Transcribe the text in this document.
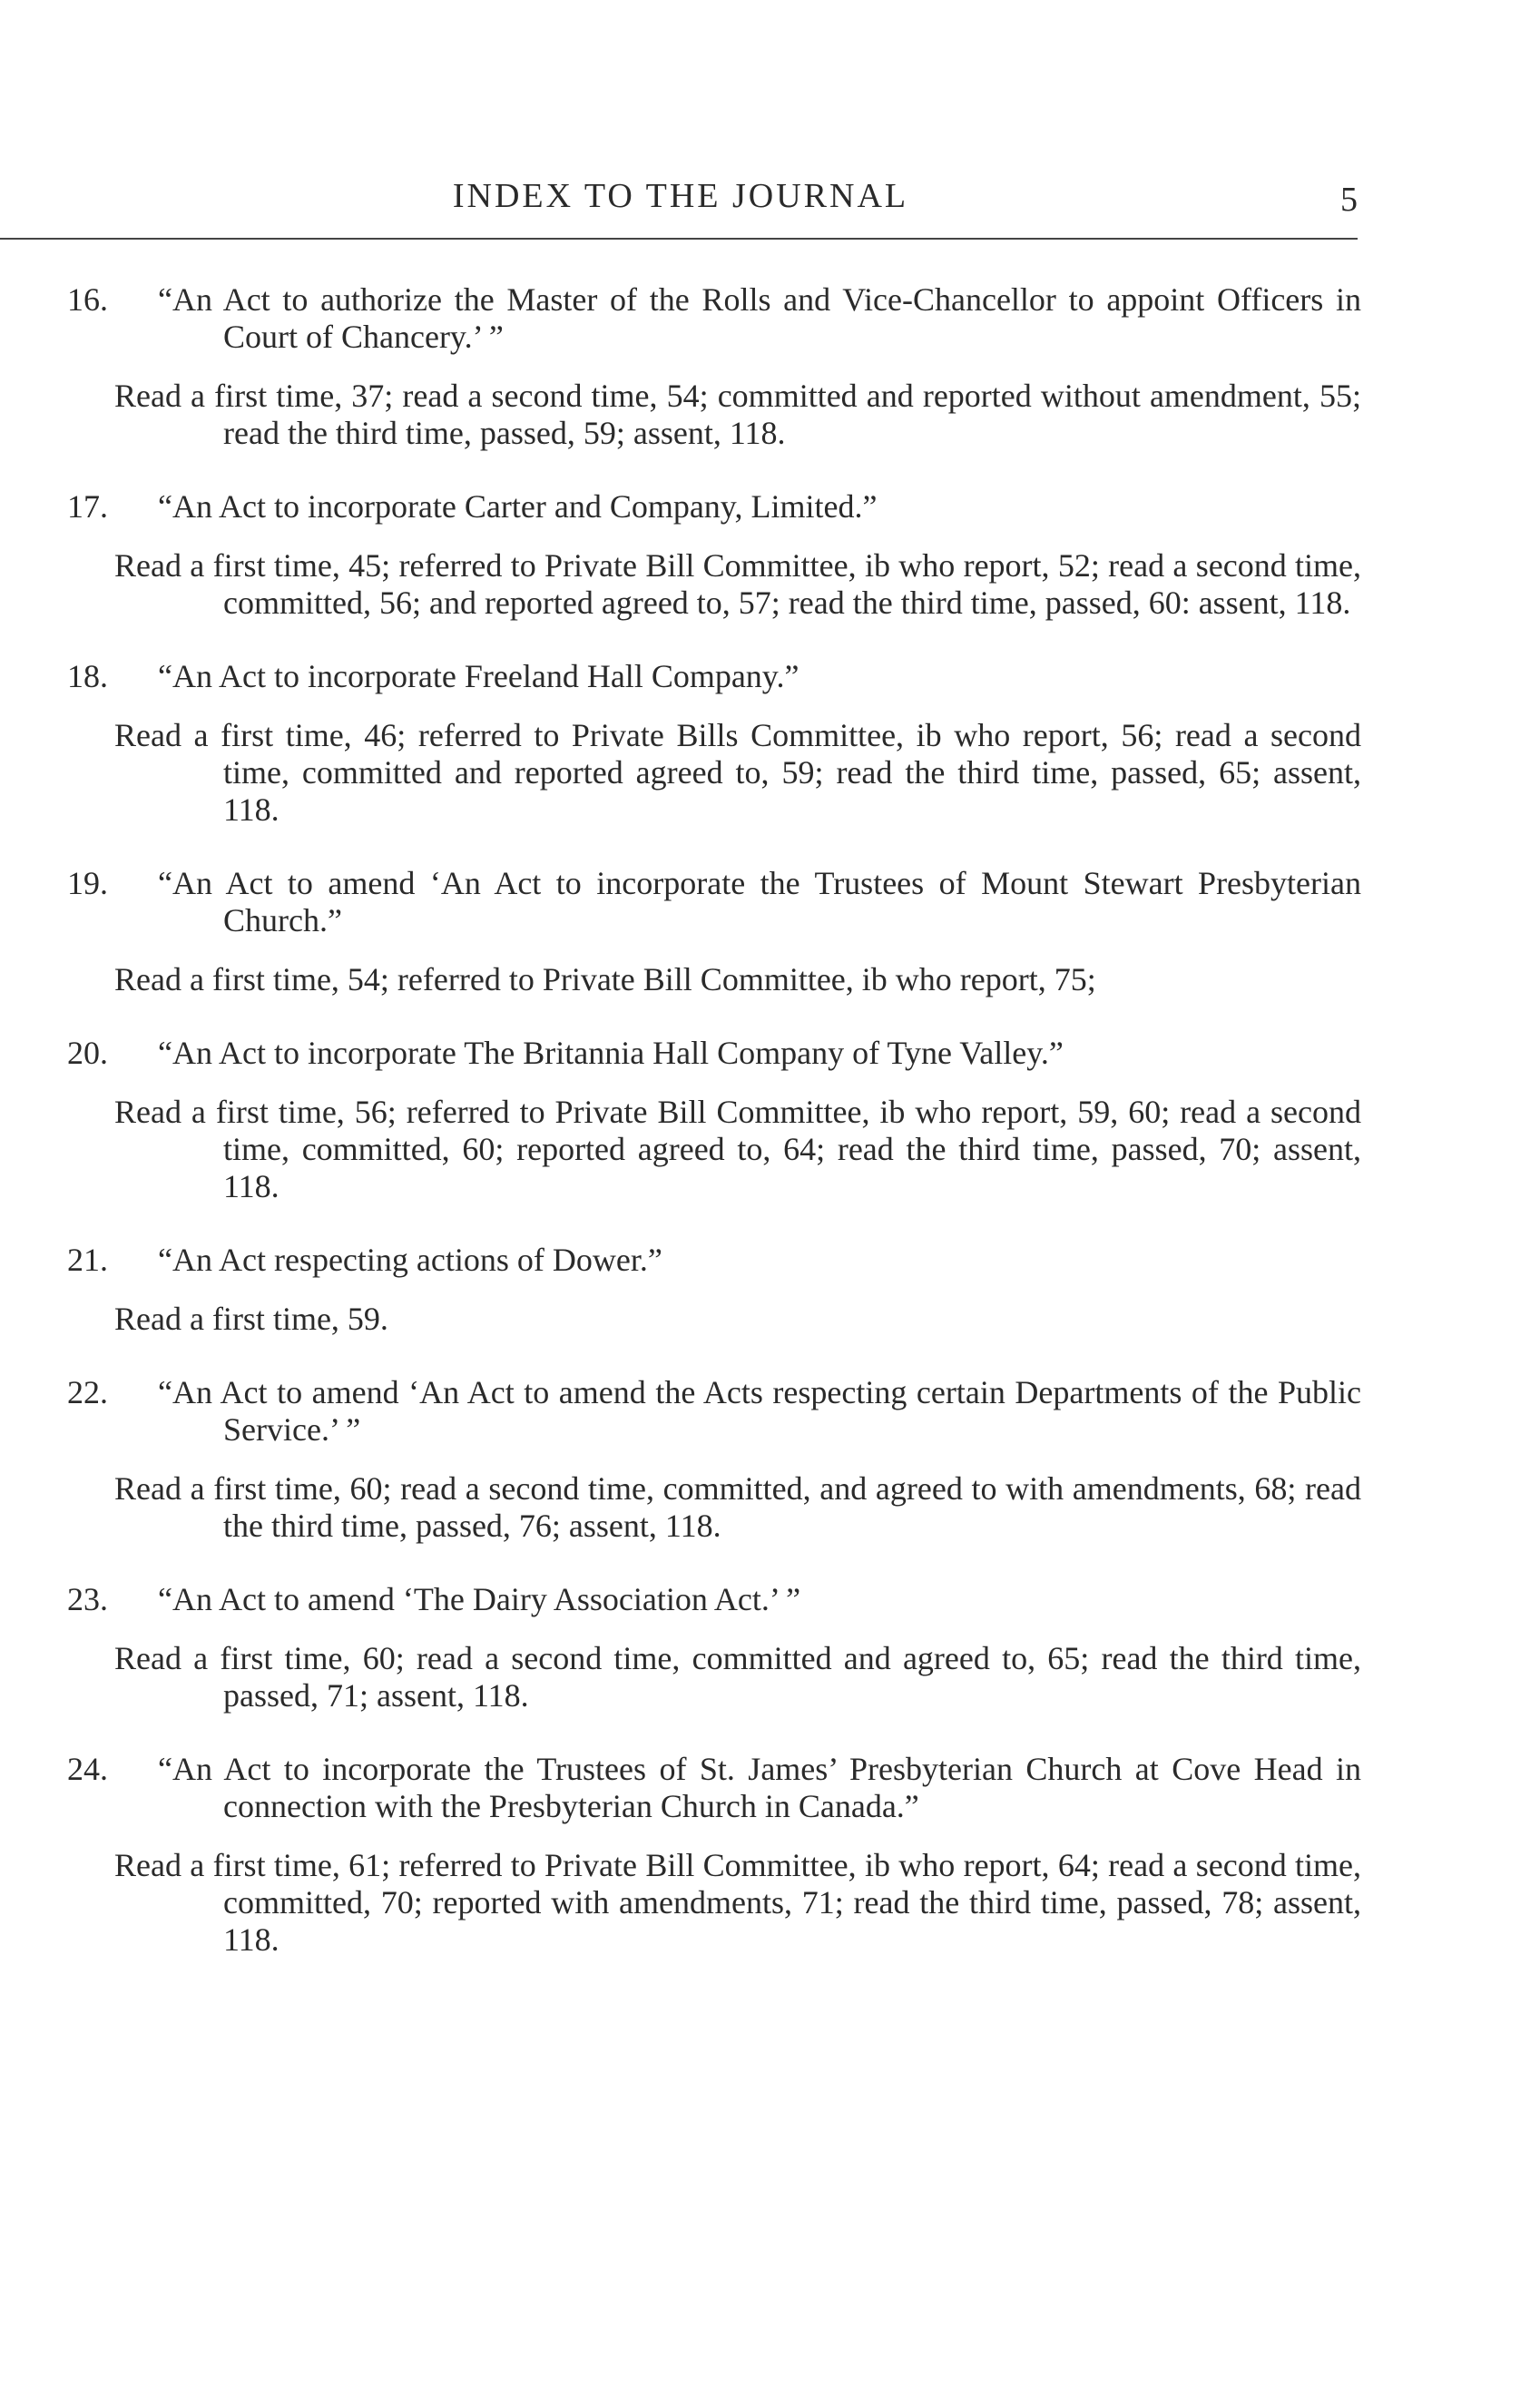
INDEX TO THE JOURNAL	5
16.	“An Act to authorize the Master of the Rolls and Vice-Chancellor to appoint Officers in Court of Chancery.’ ”
Read a first time, 37; read a second time, 54; committed and reported without amendment, 55; read the third time, passed, 59; assent, 118.
17.	“An Act to incorporate Carter and Company, Limited.”
Read a first time, 45; referred to Private Bill Committee, ib who report, 52; read a second time, committed, 56; and reported agreed to, 57; read the third time, passed, 60: assent, 118.
18.	“An Act to incorporate Freeland Hall Company.”
Read a first time, 46; referred to Private Bills Committee, ib who report, 56; read a second time, committed and reported agreed to, 59; read the third time, passed, 65; assent, 118.
19.	“An Act to amend ‘An Act to incorporate the Trustees of Mount Stewart Presbyterian Church.”
Read a first time, 54; referred to Private Bill Committee, ib who report, 75;
20.	“An Act to incorporate The Britannia Hall Company of Tyne Valley.”
Read a first time, 56; referred to Private Bill Committee, ib who report, 59, 60; read a second time, committed, 60; reported agreed to, 64; read the third time, passed, 70; assent, 118.
21.	“An Act respecting actions of Dower.”
Read a first time, 59.
22.	“An Act to amend ‘An Act to amend the Acts respecting certain Departments of the Public Service.’ ”
Read a first time, 60; read a second time, committed, and agreed to with amendments, 68; read the third time, passed, 76; assent, 118.
23.	“An Act to amend ‘The Dairy Association Act.’ ”
Read a first time, 60; read a second time, committed and agreed to, 65; read the third time, passed, 71; assent, 118.
24.	“An Act to incorporate the Trustees of St. James’ Presbyterian Church at Cove Head in connection with the Presbyterian Church in Canada.”
Read a first time, 61; referred to Private Bill Committee, ib who report, 64; read a second time, committed, 70; reported with amendments, 71; read the third time, passed, 78; assent, 118.
